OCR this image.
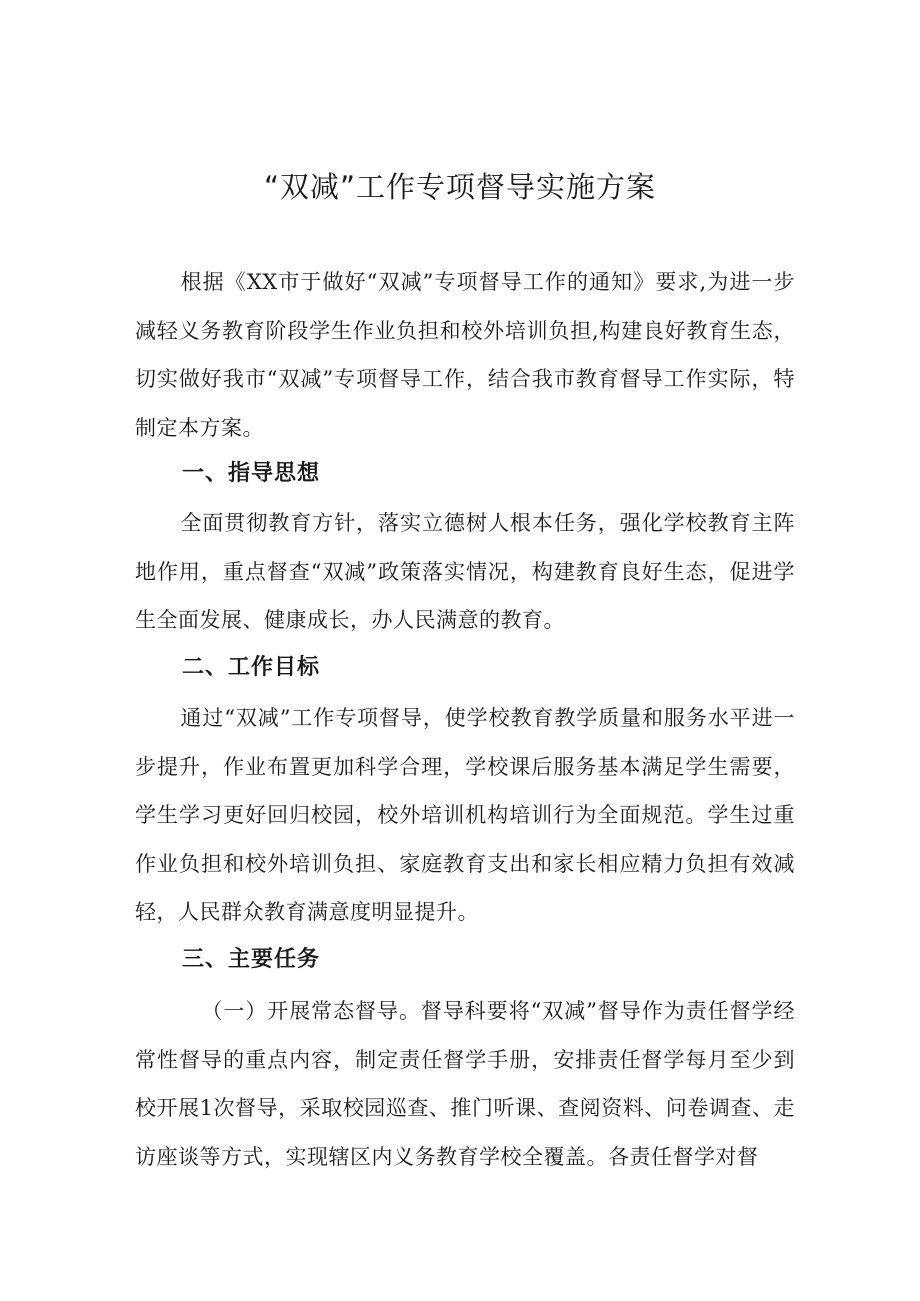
“双减”工作专项督导实施方案

根据《XX市于做好“双减”专项督导工作的通知》要求,为进一步减轻义务教育阶段学生作业负担和校外培训负担,构建良好教育生态，切实做好我市“双减”专项督导工作，结合我市教育督导工作实际，特制定本方案。

一、指导思想

全面贯彻教育方针，落实立德树人根本任务，强化学校教育主阵地作用，重点督查“双减”政策落实情况，构建教育良好生态，促进学生全面发展、健康成长，办人民满意的教育。

二、工作目标

通过“双减”工作专项督导，使学校教育教学质量和服务水平进一步提升，作业布置更加科学合理，学校课后服务基本满足学生需要，学生学习更好回归校园，校外培训机构培训行为全面规范。学生过重作业负担和校外培训负担、家庭教育支出和家长相应精力负担有效减轻，人民群众教育满意度明显提升。

三、主要任务

（一）开展常态督导。督导科要将“双减”督导作为责任督学经常性督导的重点内容，制定责任督学手册，安排责任督学每月至少到校开展1次督导，采取校园巡查、推门听课、查阅资料、问卷调查、走访座谈等方式，实现辖区内义务教育学校全覆盖。各责任督学对督
